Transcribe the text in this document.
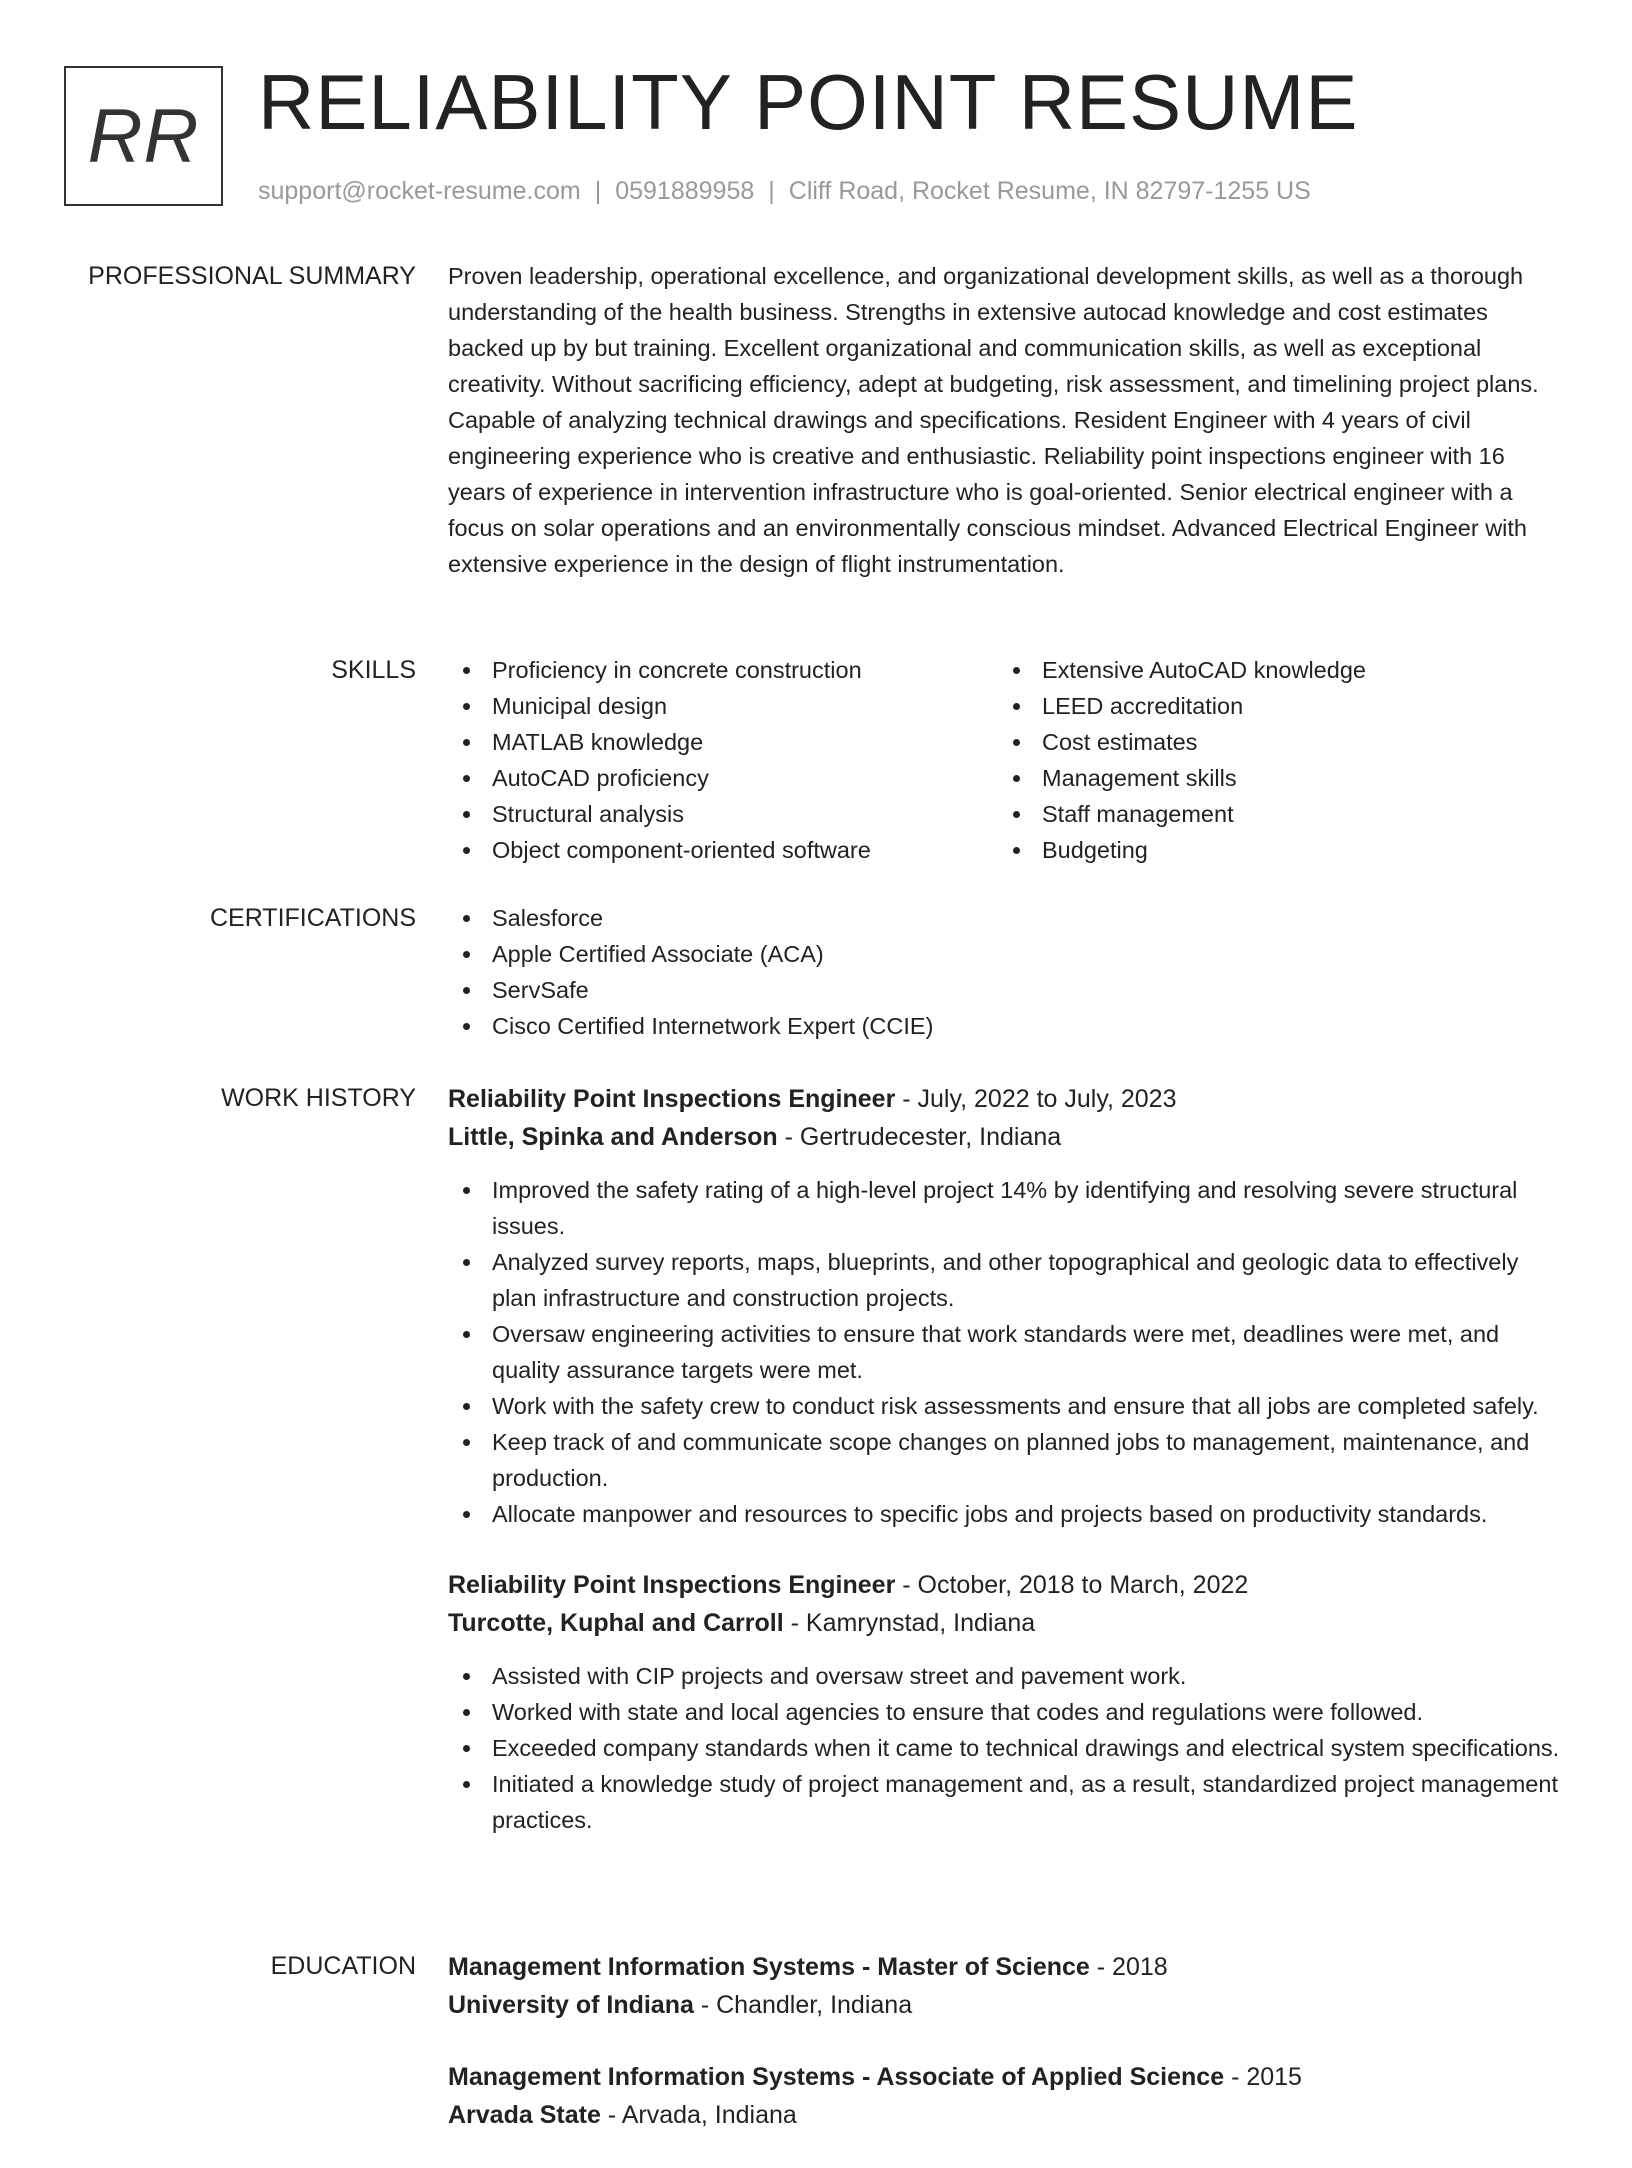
RR RELIABILITY POINT RESUME
support@rocket-resume.com | 0591889958 | Cliff Road, Rocket Resume, IN 82797-1255 US
PROFESSIONAL SUMMARY Proven leadership, operational excellence, and organizational development skills, as well as a thorough understanding of the health business. Strengths in extensive autocad knowledge and cost estimates backed up by but training. Excellent organizational and communication skills, as well as exceptional creativity. Without sacrificing efficiency, adept at budgeting, risk assessment, and timelining project plans. Capable of analyzing technical drawings and specifications. Resident Engineer with 4 years of civil engineering experience who is creative and enthusiastic. Reliability point inspections engineer with 16 years of experience in intervention infrastructure who is goal-oriented. Senior electrical engineer with a focus on solar operations and an environmentally conscious mindset. Advanced Electrical Engineer with extensive experience in the design of flight instrumentation.

SKILLS	Proficiency in concrete construction
Municipal design
MATLAB knowledge
AutoCAD proficiency
Structural analysis
Object component-oriented software
Extensive AutoCAD knowledge
LEED accreditation
Cost estimates
Management skills
Staff management
Budgeting
CERTIFICATIONS	Salesforce
Apple Certified Associate (ACA)
ServSafe
Cisco Certified Internetwork Expert (CCIE)
WORK HISTORY Reliability Point Inspections Engineer - July, 2022 to July, 2023
Little, Spinka and Anderson - Gertrudecester, Indiana
Improved the safety rating of a high-level project 14% by identifying and resolving severe structural issues.
Analyzed survey reports, maps, blueprints, and other topographical and geologic data to effectively plan infrastructure and construction projects.
Oversaw engineering activities to ensure that work standards were met, deadlines were met, and quality assurance targets were met.
Work with the safety crew to conduct risk assessments and ensure that all jobs are completed safely.
Keep track of and communicate scope changes on planned jobs to management, maintenance, and production.
Allocate manpower and resources to specific jobs and projects based on productivity standards.
Reliability Point Inspections Engineer - October, 2018 to March, 2022
Turcotte, Kuphal and Carroll - Kamrynstad, Indiana
Assisted with CIP projects and oversaw street and pavement work.
Worked with state and local agencies to ensure that codes and regulations were followed.
Exceeded company standards when it came to technical drawings and electrical system specifications.
Initiated a knowledge study of project management and, as a result, standardized project management practices.
EDUCATION Management Information Systems - Master of Science - 2018
University of Indiana - Chandler, Indiana
Management Information Systems - Associate of Applied Science - 2015
Arvada State - Arvada, Indiana
